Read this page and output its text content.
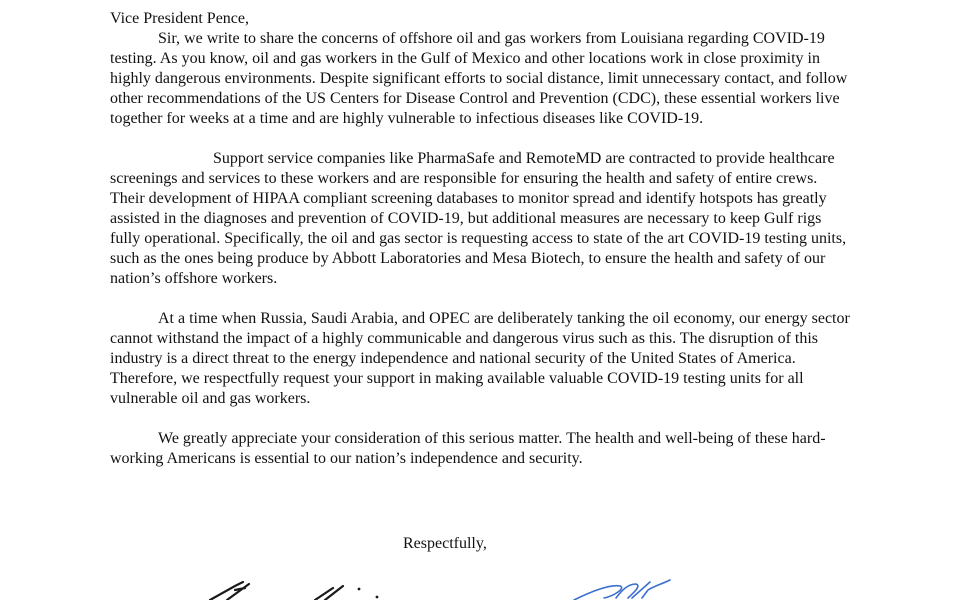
Vice President Pence,

Sir, we write to share the concerns of offshore oil and gas workers from Louisiana regarding COVID-19 testing. As you know, oil and gas workers in the Gulf of Mexico and other locations work in close proximity in highly dangerous environments. Despite significant efforts to social distance, limit unnecessary contact, and follow other recommendations of the US Centers for Disease Control and Prevention (CDC), these essential workers live together for weeks at a time and are highly vulnerable to infectious diseases like COVID-19.

Support service companies like PharmaSafe and RemoteMD are contracted to provide healthcare screenings and services to these workers and are responsible for ensuring the health and safety of entire crews. Their development of HIPAA compliant screening databases to monitor spread and identify hotspots has greatly assisted in the diagnoses and prevention of COVID-19, but additional measures are necessary to keep Gulf rigs fully operational. Specifically, the oil and gas sector is requesting access to state of the art COVID-19 testing units, such as the ones being produce by Abbott Laboratories and Mesa Biotech, to ensure the health and safety of our nation’s offshore workers.

At a time when Russia, Saudi Arabia, and OPEC are deliberately tanking the oil economy, our energy sector cannot withstand the impact of a highly communicable and dangerous virus such as this. The disruption of this industry is a direct threat to the energy independence and national security of the United States of America. Therefore, we respectfully request your support in making available valuable COVID-19 testing units for all vulnerable oil and gas workers.

We greatly appreciate your consideration of this serious matter. The health and well-being of these hard-working Americans is essential to our nation’s independence and security.

Respectfully,
